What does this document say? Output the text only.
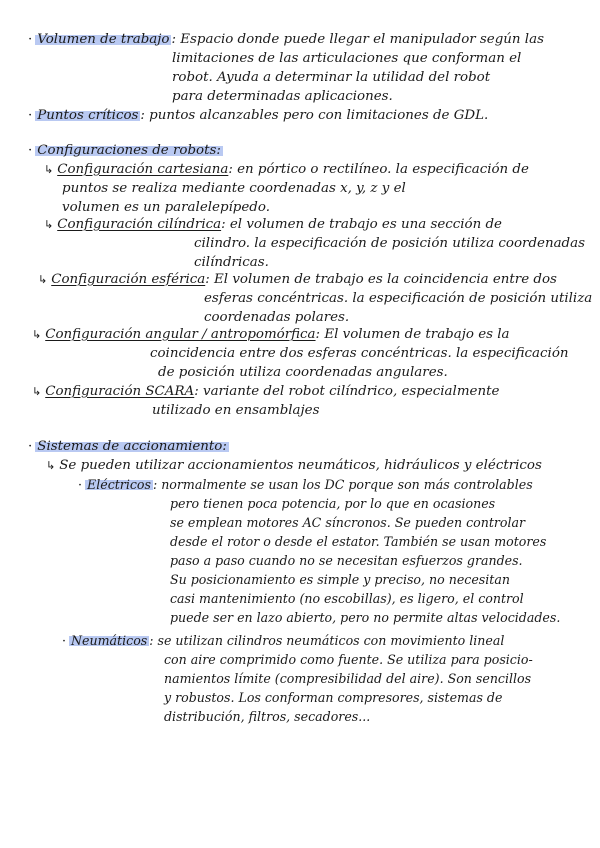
· Volumen de trabajo : Espacio donde puede llegar el manipulador según las
limitaciones de las articulaciones que conforman el
robot. Ayuda a determinar la utilidad del robot
para determinadas aplicaciones.
· Puntos críticos : puntos alcanzables pero con limitaciones de GDL.
· Configuraciones de robots:
↳ Configuración cartesiana: en pórtico o rectilíneo. la especificación de
puntos se realiza mediante coordenadas x, y, z y el
volumen es un paralelepípedo.
↳ Configuración cilíndrica: el volumen de trabajo es una sección de
cilindro. la especificación de posición utiliza coordenadas
cilíndricas.
↳ Configuración esférica: El volumen de trabajo es la coincidencia entre dos
esferas concéntricas. la especificación de posición utiliza
coordenadas polares.
↳ Configuración angular / antropomórfica: El volumen de trabajo es la
coincidencia entre dos esferas concéntricas. la especificación
de posición utiliza coordenadas angulares.
↳ Configuración SCARA: variante del robot cilíndrico, especialmente
utilizado en ensamblajes
· Sistemas de accionamiento:
↳ Se pueden utilizar accionamientos neumáticos, hidráulicos y eléctricos
· Eléctricos : normalmente se usan los DC porque son más controlables
pero tienen poca potencia, por lo que en ocasiones
se emplean motores AC síncronos. Se pueden controlar
desde el rotor o desde el estator. También se usan motores
paso a paso cuando no se necesitan esfuerzos grandes.
Su posicionamiento es simple y preciso, no necesitan
casi mantenimiento (no escobillas), es ligero, el control
puede ser en lazo abierto, pero no permite altas velocidades.
· Neumáticos : se utilizan cilindros neumáticos con movimiento lineal
con aire comprimido como fuente. Se utiliza para posicio-
namientos límite (compresibilidad del aire). Son sencillos
y robustos. Los conforman compresores, sistemas de
distribución, filtros, secadores...
